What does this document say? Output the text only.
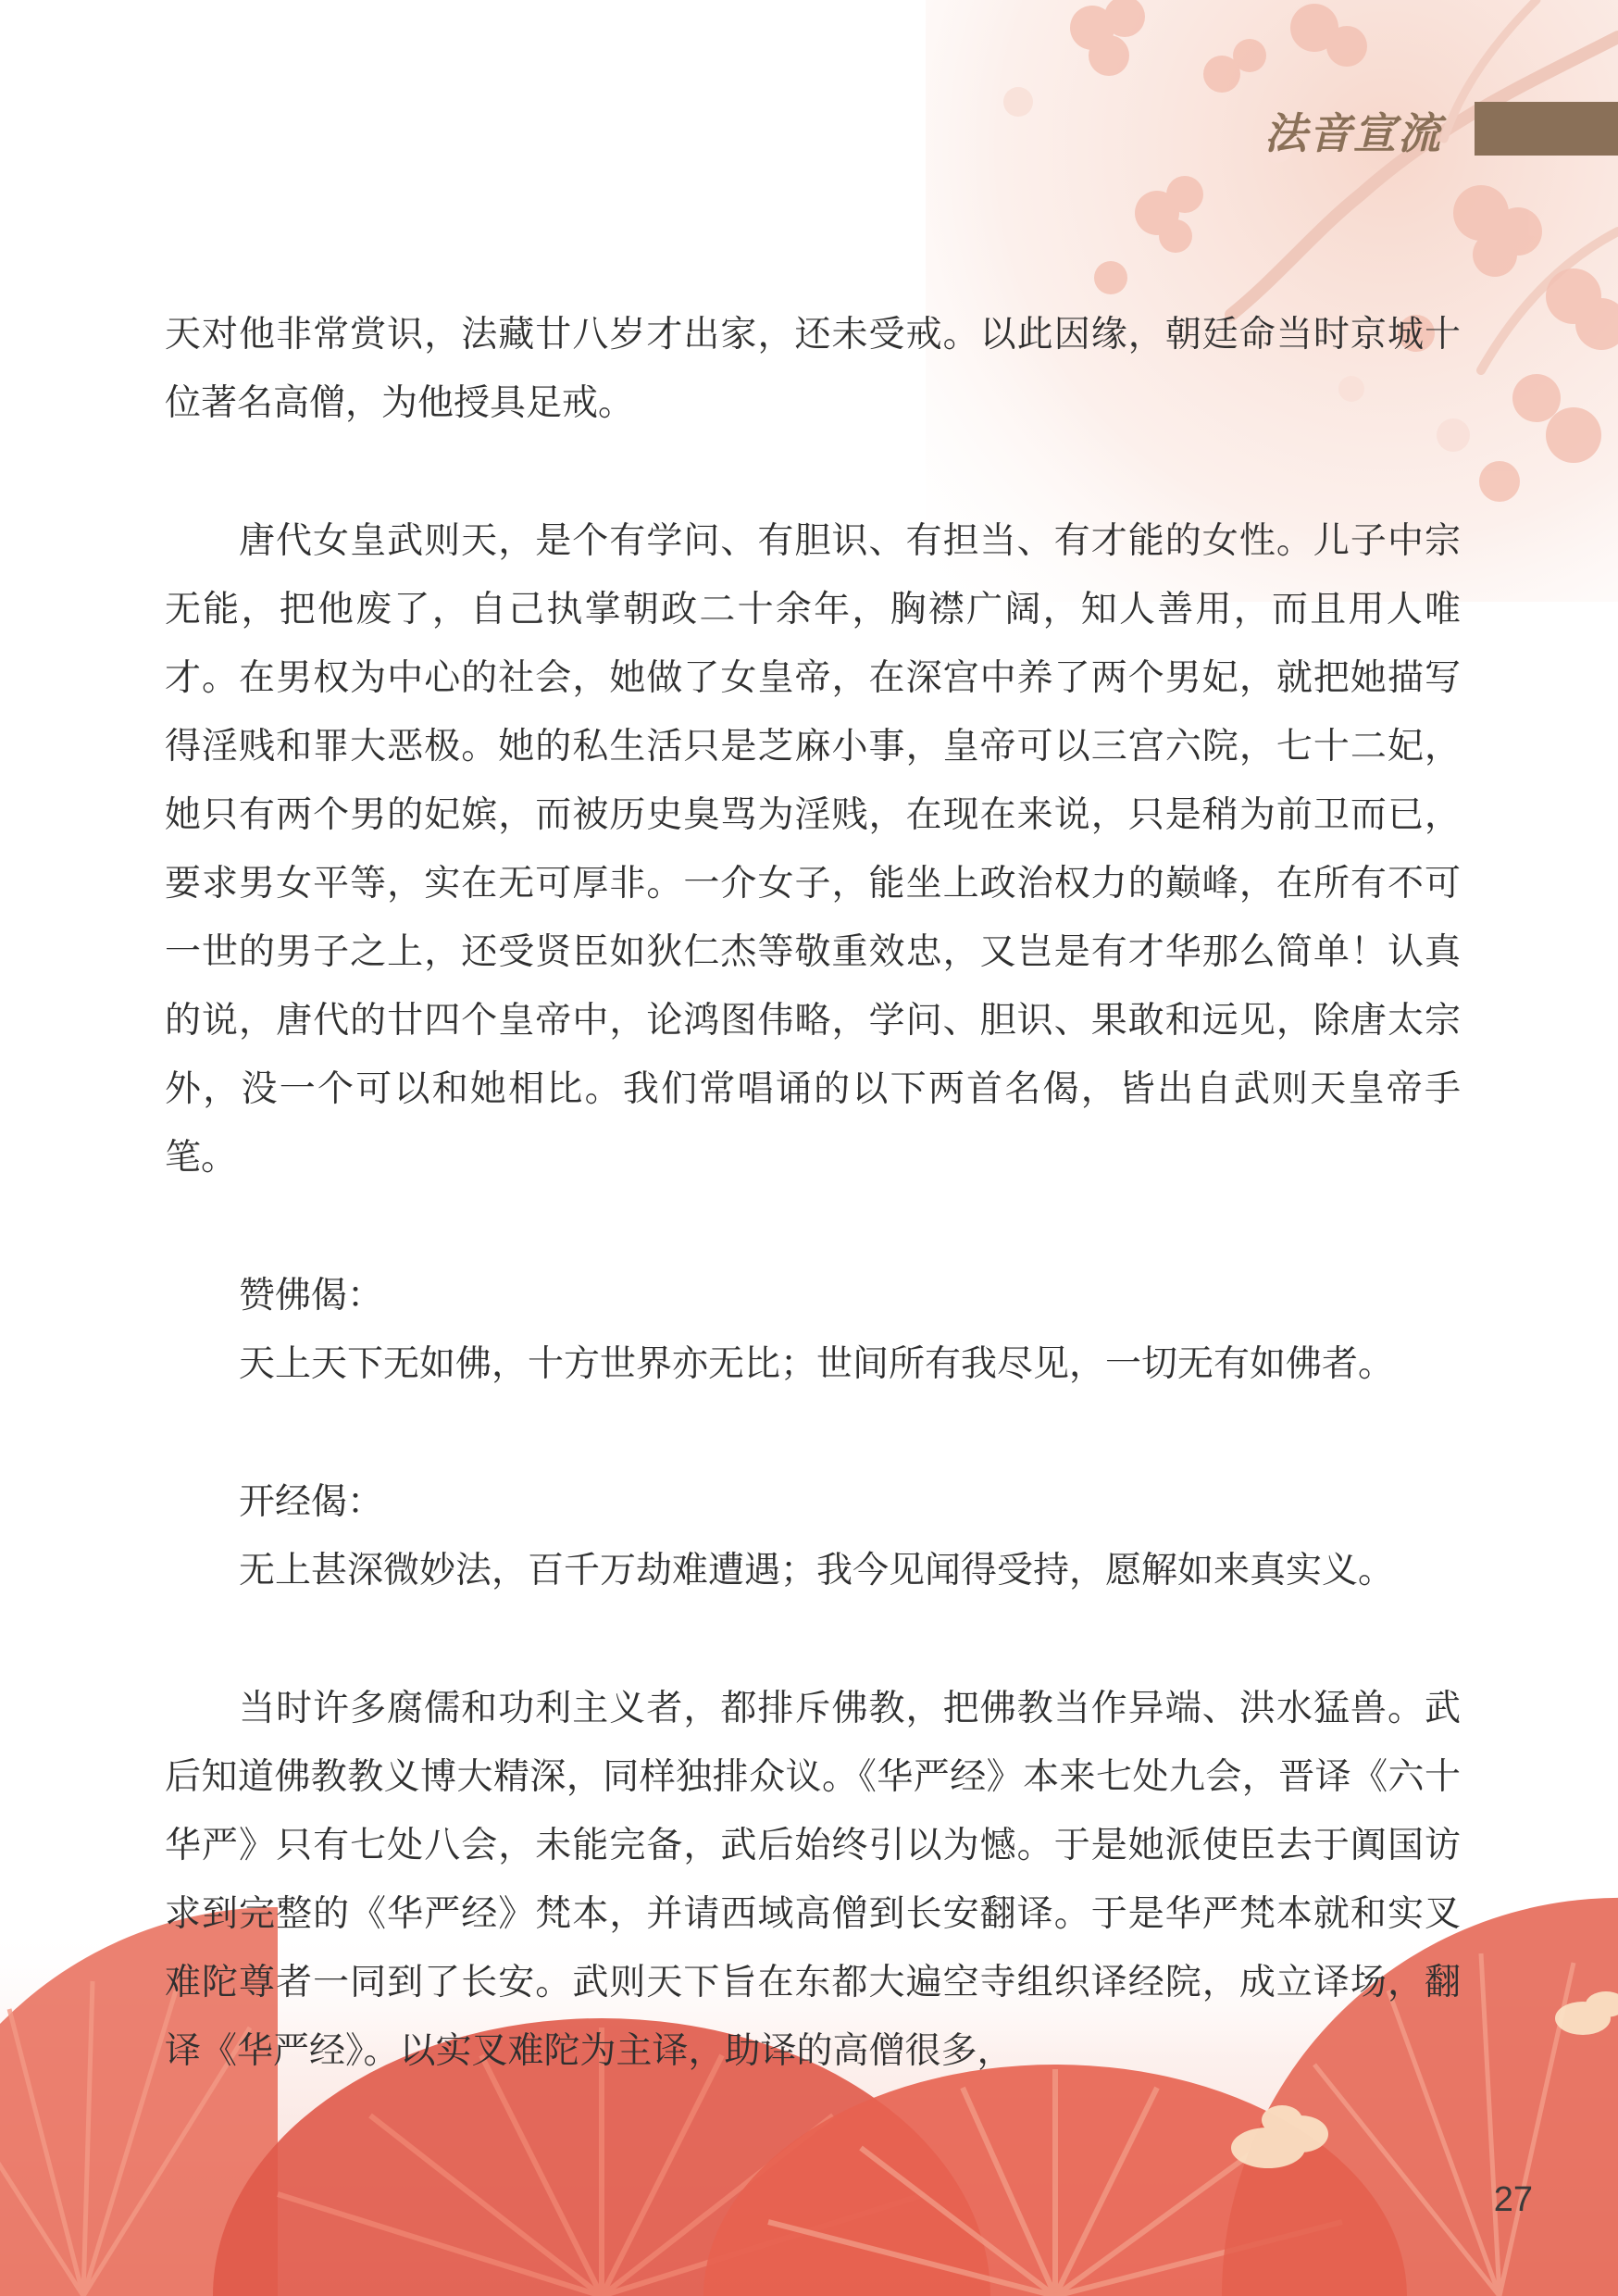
法音宣流

天对他非常赏识，法藏廿八岁才出家，还未受戒。以此因缘，朝廷命当时京城十位著名高僧，为他授具足戒。

唐代女皇武则天，是个有学问、有胆识、有担当、有才能的女性。儿子中宗无能，把他废了，自己执掌朝政二十余年，胸襟广阔，知人善用，而且用人唯才。在男权为中心的社会，她做了女皇帝，在深宫中养了两个男妃，就把她描写得淫贱和罪大恶极。她的私生活只是芝麻小事，皇帝可以三宫六院，七十二妃，她只有两个男的妃嫔，而被历史臭骂为淫贱，在现在来说，只是稍为前卫而已，要求男女平等，实在无可厚非。一介女子，能坐上政治权力的巅峰，在所有不可一世的男子之上，还受贤臣如狄仁杰等敬重效忠，又岂是有才华那么简单！认真的说，唐代的廿四个皇帝中，论鸿图伟略，学问、胆识、果敢和远见，除唐太宗外，没一个可以和她相比。我们常唱诵的以下两首名偈，皆出自武则天皇帝手笔。

赞佛偈：
天上天下无如佛，十方世界亦无比；世间所有我尽见，一切无有如佛者。
开经偈：
无上甚深微妙法，百千万劫难遭遇；我今见闻得受持，愿解如来真实义。

当时许多腐儒和功利主义者，都排斥佛教，把佛教当作异端、洪水猛兽。武后知道佛教教义博大精深，同样独排众议。《华严经》本来七处九会，晋译《六十华严》只有七处八会，未能完备，武后始终引以为憾。于是她派使臣去于阗国访求到完整的《华严经》梵本，并请西域高僧到长安翻译。于是华严梵本就和实叉难陀尊者一同到了长安。武则天下旨在东都大遍空寺组织译经院，成立译场，翻译《华严经》。以实叉难陀为主译，助译的高僧很多，

27
